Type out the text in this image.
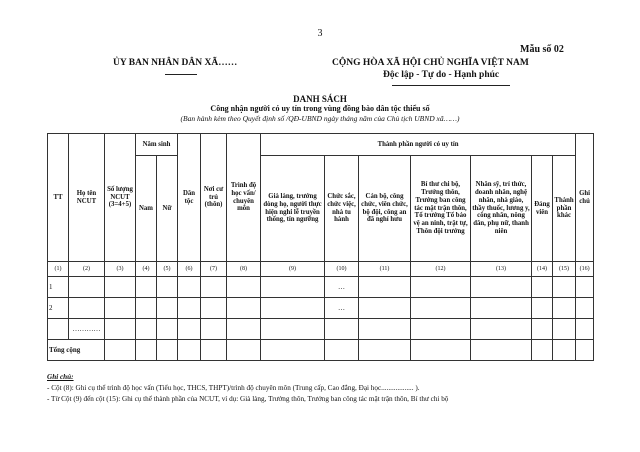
3
Mẫu số 02
ỦY BAN NHÂN DÂN XÃ……	CỘNG HÒA XÃ HỘI CHỦ NGHĨA VIỆT NAM
Độc lập - Tự do - Hạnh phúc
DANH SÁCH
Công nhận người có uy tín trong vùng đồng bào dân tộc thiểu số
(Ban hành kèm theo Quyết định số /QĐ-UBND ngày tháng năm của Chủ tịch UBND xã……)
TT	Họ tên NCUT	Số lượng NCUT (3=4+5)	Năm sinh		Dân tộc	Nơi cư trú (thôn)	Trình độ học vấn/ chuyên môn	Thành phần người có uy tín							Ghi chú
			Nam	Nữ				Già làng, trưởng dòng họ, người thực hiện nghi lễ truyền thống, tín ngưỡng	Chức sắc, chức việc, nhà tu hành	Cán bộ, công chức, viên chức, bộ đội, công an đã nghỉ hưu	Bí thư chi bộ, Trưởng thôn, Trưởng ban công tác mặt trận thôn, Tổ trưởng Tổ bảo vệ an ninh, trật tự, Thôn đội trưởng	Nhân sỹ, trí thức, doanh nhân, nghệ nhân, nhà giáo, thầy thuốc, lương y, công nhân, nông dân, phụ nữ, thanh niên	Đảng viên	Thành phần khác	
(1)	(2)	(3)	(4)	(5)	(6)	(7)	(8)	(9)	(10)	(11)	(12)	(13)	(14)	(15)	(16)
1									…						
2									…						
	…………														
Tổng cộng															
Ghi chú:
- Cột (8): Ghi cụ thể trình độ học vấn (Tiểu học, THCS, THPT)/trình độ chuyên môn (Trung cấp, Cao đẳng, Đại học.................. ).
- Từ Cột (9) đến cột (15): Ghi cụ thể thành phần của NCUT, ví dụ: Già làng, Trưởng thôn, Trưởng ban công tác mặt trận thôn, Bí thư chi bộ
